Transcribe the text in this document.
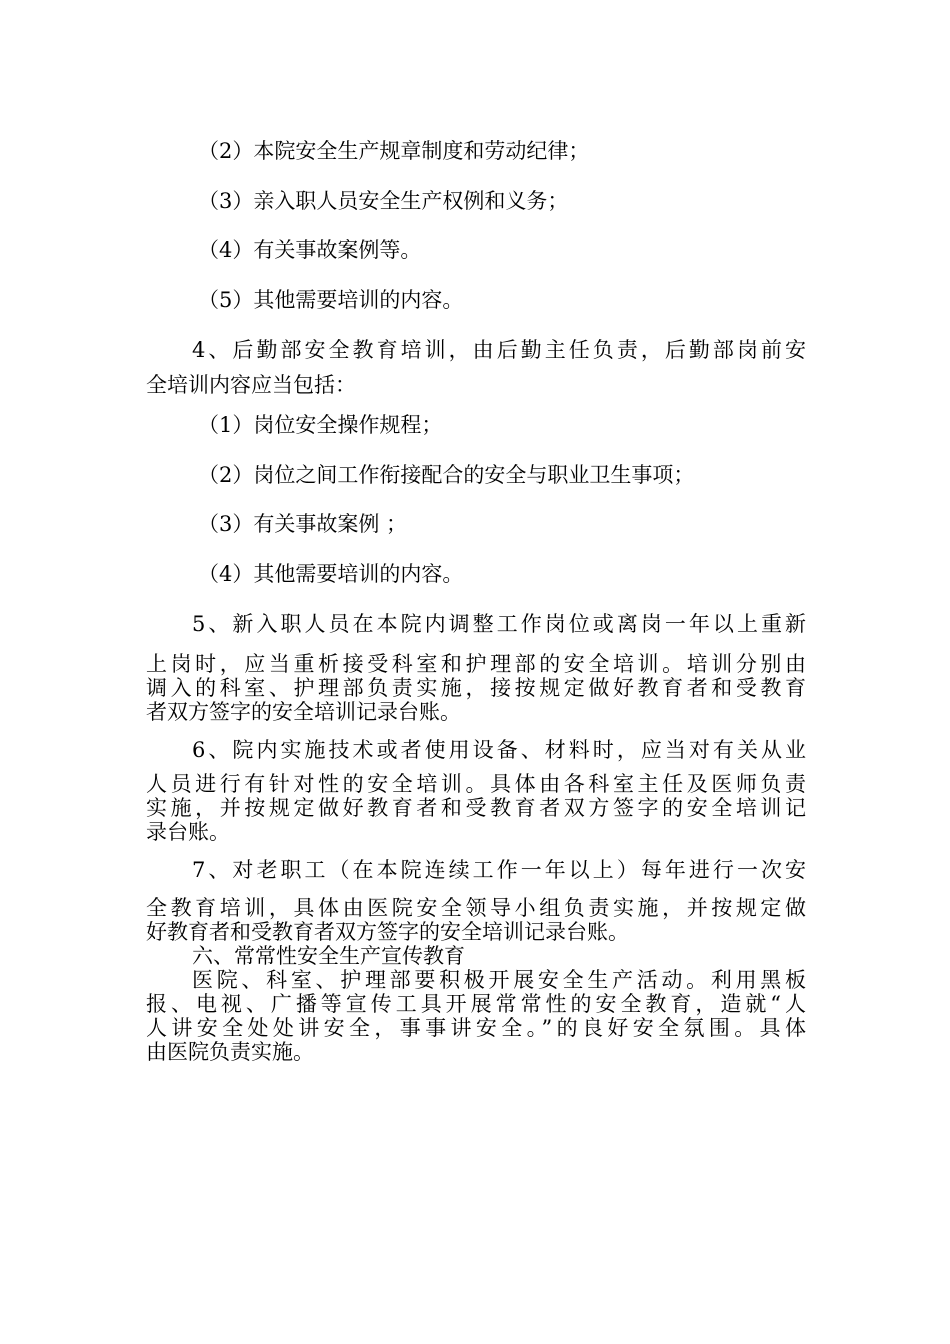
（2）本院安全生产规章制度和劳动纪律；
（3）亲入职人员安全生产权例和义务；
（4）有关事故案例等。
（5）其他需要培训的内容。
4、后勤部安全教育培训，由后勤主任负责，后勤部岗前安
全培训内容应当包括：
（1）岗位安全操作规程；
（2）岗位之间工作衔接配合的安全与职业卫生事项；
（3）有关事故案例 ；
（4）其他需要培训的内容。
5、新入职人员在本院内调整工作岗位或离岗一年以上重新
上岗时，应当重析接受科室和护理部的安全培训。培训分别由
调入的科室、护理部负责实施，接按规定做好教育者和受教育
者双方签字的安全培训记录台账。
6、院内实施技术或者使用设备、材料时，应当对有关从业
人员进行有针对性的安全培训。具体由各科室主任及医师负责
实施，并按规定做好教育者和受教育者双方签字的安全培训记
录台账。
7、对老职工（在本院连续工作一年以上）每年进行一次安
全教育培训，具体由医院安全领导小组负责实施，并按规定做
好教育者和受教育者双方签字的安全培训记录台账。
六、常常性安全生产宣传教育
医院、科室、护理部要积极开展安全生产活动。利用黑板
报、电视、广播等宣传工具开展常常性的安全教育，造就“人
人讲安全处处讲安全，事事讲安全。”的良好安全氛围。具体
由医院负责实施。
